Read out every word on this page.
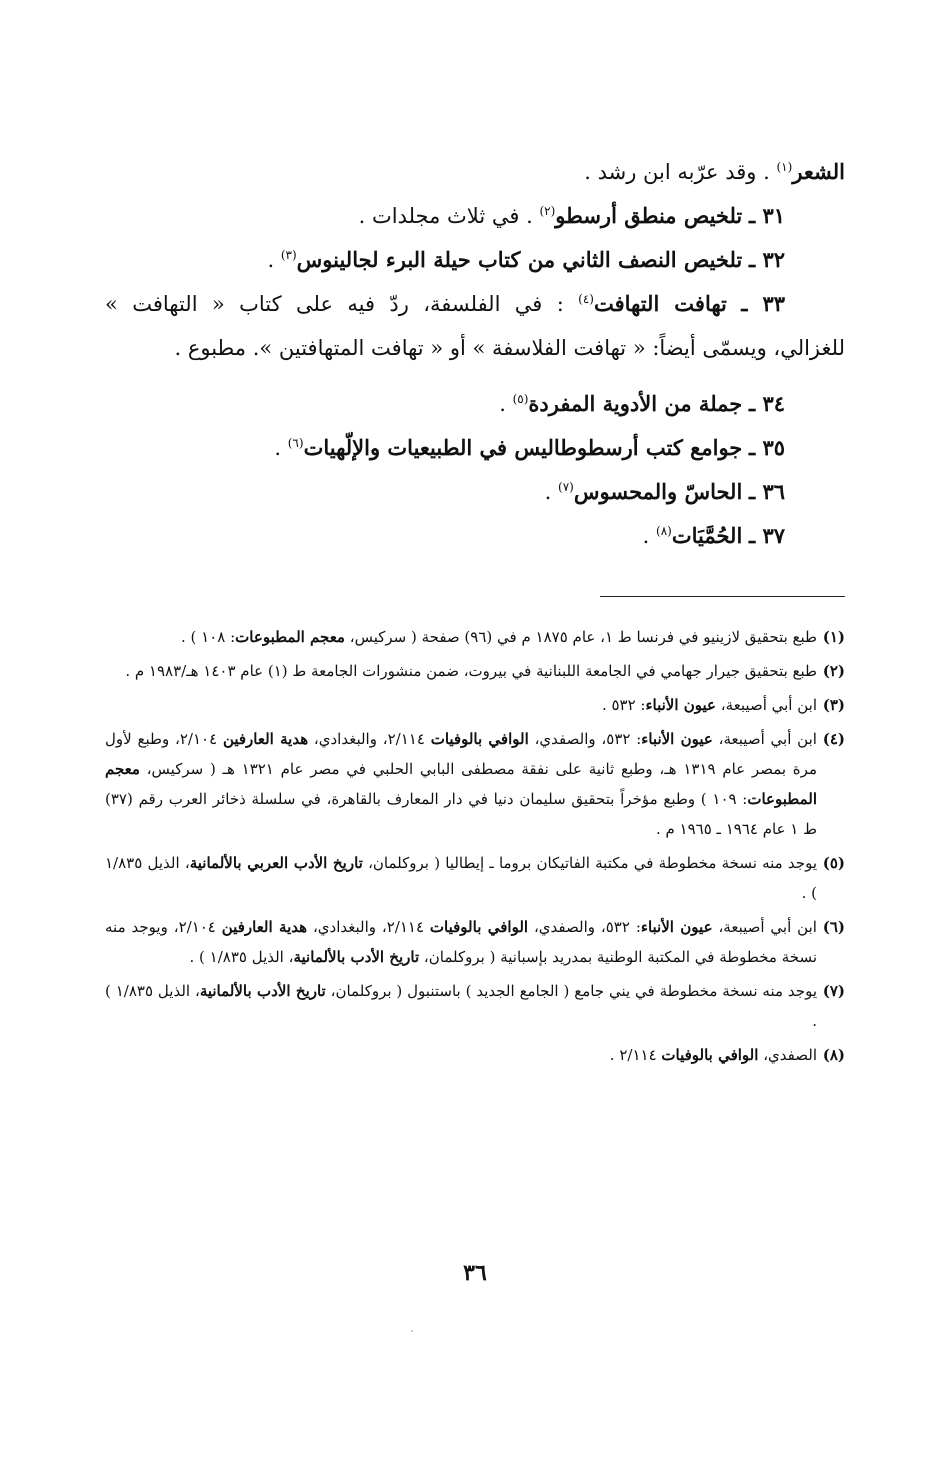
الشعر$^{(١)}$ . وقد عرّبه ابن رشد .
٣١ ـ تلخيص منطق أرسطو$^{(٢)}$ . في ثلاث مجلدات .
٣٢ ـ تلخيص النصف الثاني من كتاب حيلة البرء لجالينوس$^{(٣)}$ .
٣٣ ـ تهافت التهافت$^{(٤)}$ : في الفلسفة، ردّ فيه على كتاب « التهافت »
للغزالي، ويسمّى أيضاً: « تهافت الفلاسفة » أو « تهافت المتهافتين ». مطبوع .
٣٤ ـ جملة من الأدوية المفردة$^{(٥)}$ .
٣٥ ـ جوامع كتب أرسطوطاليس في الطبيعيات والإلّهيات$^{(٦)}$ .
٣٦ ـ الحاسّ والمحسوس$^{(٧)}$ .
٣٧ ـ الحُمَّيَات$^{(٨)}$ .
(١)
طبع بتحقيق لازينيو في فرنسا ط ١، عام ١٨٧٥ م في (٩٦) صفحة ( سركيس، معجم المطبوعات: ١٠٨ ) .
(٢)
طبع بتحقيق جيرار جهامي في الجامعة اللبنانية في بيروت، ضمن منشورات الجامعة ط (١) عام ١٤٠٣ هـ/١٩٨٣ م .
(٣)
ابن أبي أصيبعة، عيون الأنباء: ٥٣٢ .
(٤)
ابن أبي أصيبعة، عيون الأنباء: ٥٣٢، والصفدي، الوافي بالوفيات ٢/١١٤، والبغدادي، هدية العارفين ٢/١٠٤، وطبع لأول مرة بمصر عام ١٣١٩ هـ، وطبع ثانية على نفقة مصطفى البابي الحلبي في مصر عام ١٣٢١ هـ ( سركيس، معجم المطبوعات: ١٠٩ ) وطبع مؤخراً بتحقيق سليمان دنيا في دار المعارف بالقاهرة، في سلسلة ذخائر العرب رقم (٣٧) ط ١ عام ١٩٦٤ ـ ١٩٦٥ م .
(٥)
يوجد منه نسخة مخطوطة في مكتبة الفاتيكان بروما ـ إيطاليا ( بروكلمان، تاريخ الأدب العربي بالألمانية، الذيل ١/٨٣٥ ) .
(٦)
ابن أبي أصيبعة، عيون الأنباء: ٥٣٢، والصفدي، الوافي بالوفيات ٢/١١٤، والبغدادي، هدية العارفين ٢/١٠٤، ويوجد منه نسخة مخطوطة في المكتبة الوطنية بمدريد بإسبانية ( بروكلمان، تاريخ الأدب بالألمانية، الذيل ١/٨٣٥ ) .
(٧)
يوجد منه نسخة مخطوطة في يني جامع ( الجامع الجديد ) باستنبول ( بروكلمان، تاريخ الأدب بالألمانية، الذيل ١/٨٣٥ ) .
(٨)
الصفدي، الوافي بالوفيات ٢/١١٤ .
٣٦
